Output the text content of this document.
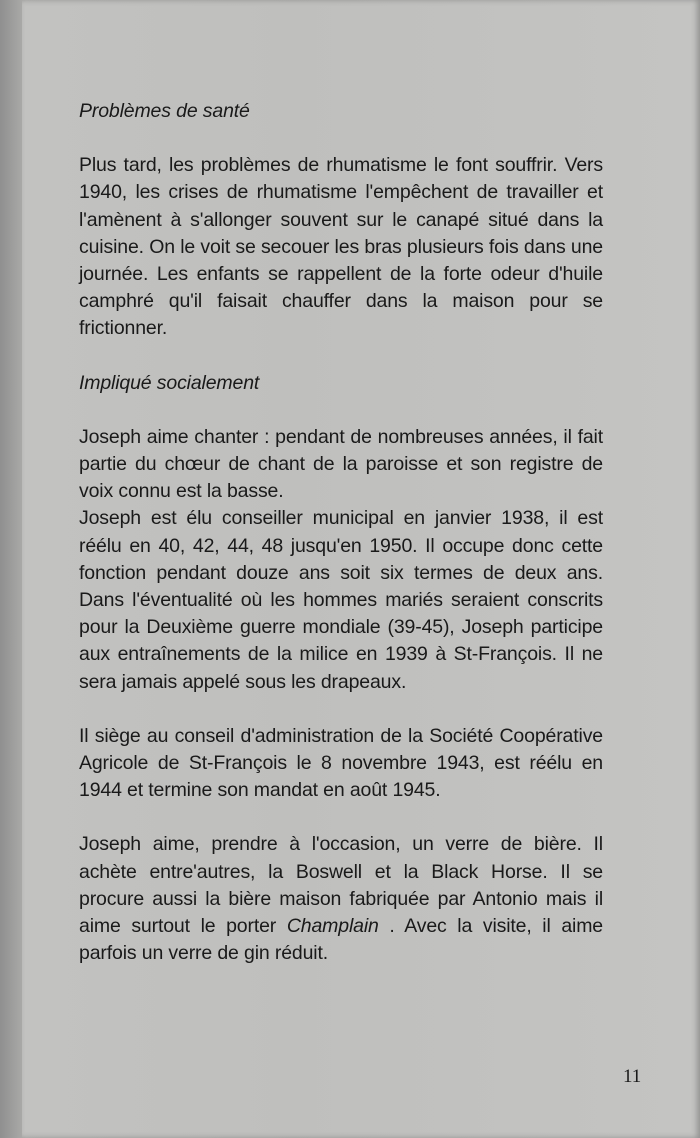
Problèmes de santé

Plus tard, les problèmes de rhumatisme le font souffrir. Vers 1940, les crises de rhumatisme l'empêchent de travailler et l'amènent à s'allonger souvent sur le canapé situé dans la cuisine. On le voit se secouer les bras plusieurs fois dans une journée. Les enfants se rappellent de la forte odeur d'huile camphré qu'il faisait chauffer dans la maison pour se frictionner.

Impliqué socialement

Joseph aime chanter : pendant de nombreuses années, il fait partie du chœur de chant de la paroisse et son registre de voix connu est la basse.

Joseph est élu conseiller municipal en janvier 1938, il est réélu en 40, 42, 44, 48 jusqu'en 1950. Il occupe donc cette fonction pendant douze ans soit six termes de deux ans. Dans l'éventualité où les hommes mariés seraient conscrits pour la Deuxième guerre mondiale (39-45), Joseph participe aux entraînements de la milice en 1939 à St-François. Il ne sera jamais appelé sous les drapeaux.

Il siège au conseil d'administration de la Société Coopérative Agricole de St-François le 8 novembre 1943, est réélu en 1944 et termine son mandat en août 1945.

Joseph aime, prendre à l'occasion, un verre de bière. Il achète entre'autres, la Boswell et la Black Horse. Il se procure aussi la bière maison fabriquée par Antonio mais il aime surtout le porter Champlain . Avec la visite, il aime parfois un verre de gin réduit.

11
